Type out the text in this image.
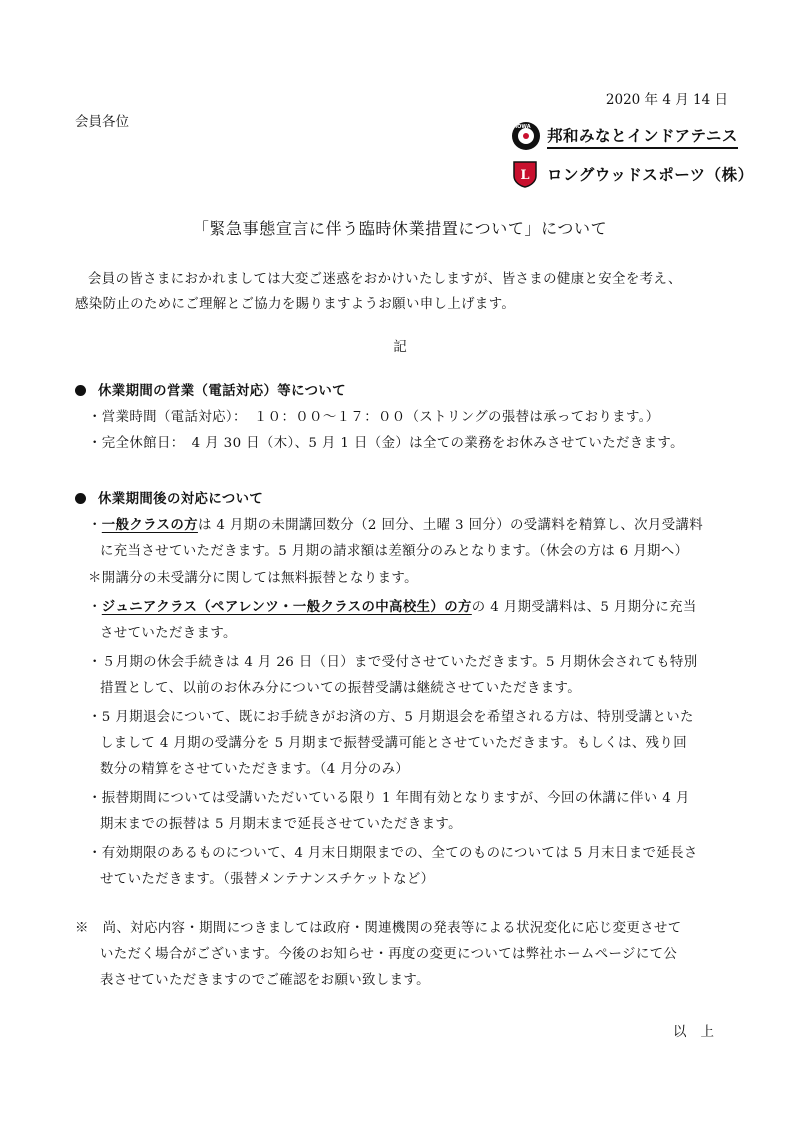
2020 年 4 月 14 日
会員各位	HOWA 邦和みなとインドアテニス
L ロングウッドスポーツ（株）
「緊急事態宣言に伴う臨時休業措置について」について
会員の皆さまにおかれましては大変ご迷惑をおかけいたしますが、皆さまの健康と安全を考え、
感染防止のためにご理解とご協力を賜りますようお願い申し上げます。
記
休業期間の営業（電話対応）等について
・営業時間（電話対応）：　１０：００～１７：００（ストリングの張替は承っております。）
・完全休館日：　4 月 30 日（木）、5 月 1 日（金）は全ての業務をお休みさせていただきます。
休業期間後の対応について
・一般クラスの方は 4 月期の未開講回数分（2 回分、土曜 3 回分）の受講料を精算し、次月受講料
に充当させていただきます。5 月期の請求額は差額分のみとなります。（休会の方は 6 月期へ）
＊開講分の未受講分に関しては無料振替となります。
・ジュニアクラス（ペアレンツ・一般クラスの中高校生）の方の 4 月期受講料は、5 月期分に充当
させていただきます。
・５月期の休会手続きは 4 月 26 日（日）まで受付させていただきます。5 月期休会されても特別
措置として、以前のお休み分についての振替受講は継続させていただきます。
・5 月期退会について、既にお手続きがお済の方、5 月期退会を希望される方は、特別受講といた
しまして 4 月期の受講分を 5 月期まで振替受講可能とさせていただきます。もしくは、残り回
数分の精算をさせていただきます。（4 月分のみ）
・振替期間については受講いただいている限り 1 年間有効となりますが、今回の休講に伴い 4 月
期末までの振替は 5 月期末まで延長させていただきます。
・有効期限のあるものについて、4 月末日期限までの、全てのものについては 5 月末日まで延長さ
せていただきます。（張替メンテナンスチケットなど）
※　尚、対応内容・期間につきましては政府・関連機関の発表等による状況変化に応じ変更させて
いただく場合がございます。今後のお知らせ・再度の変更については弊社ホームページにて公
表させていただきますのでご確認をお願い致します。
以上
